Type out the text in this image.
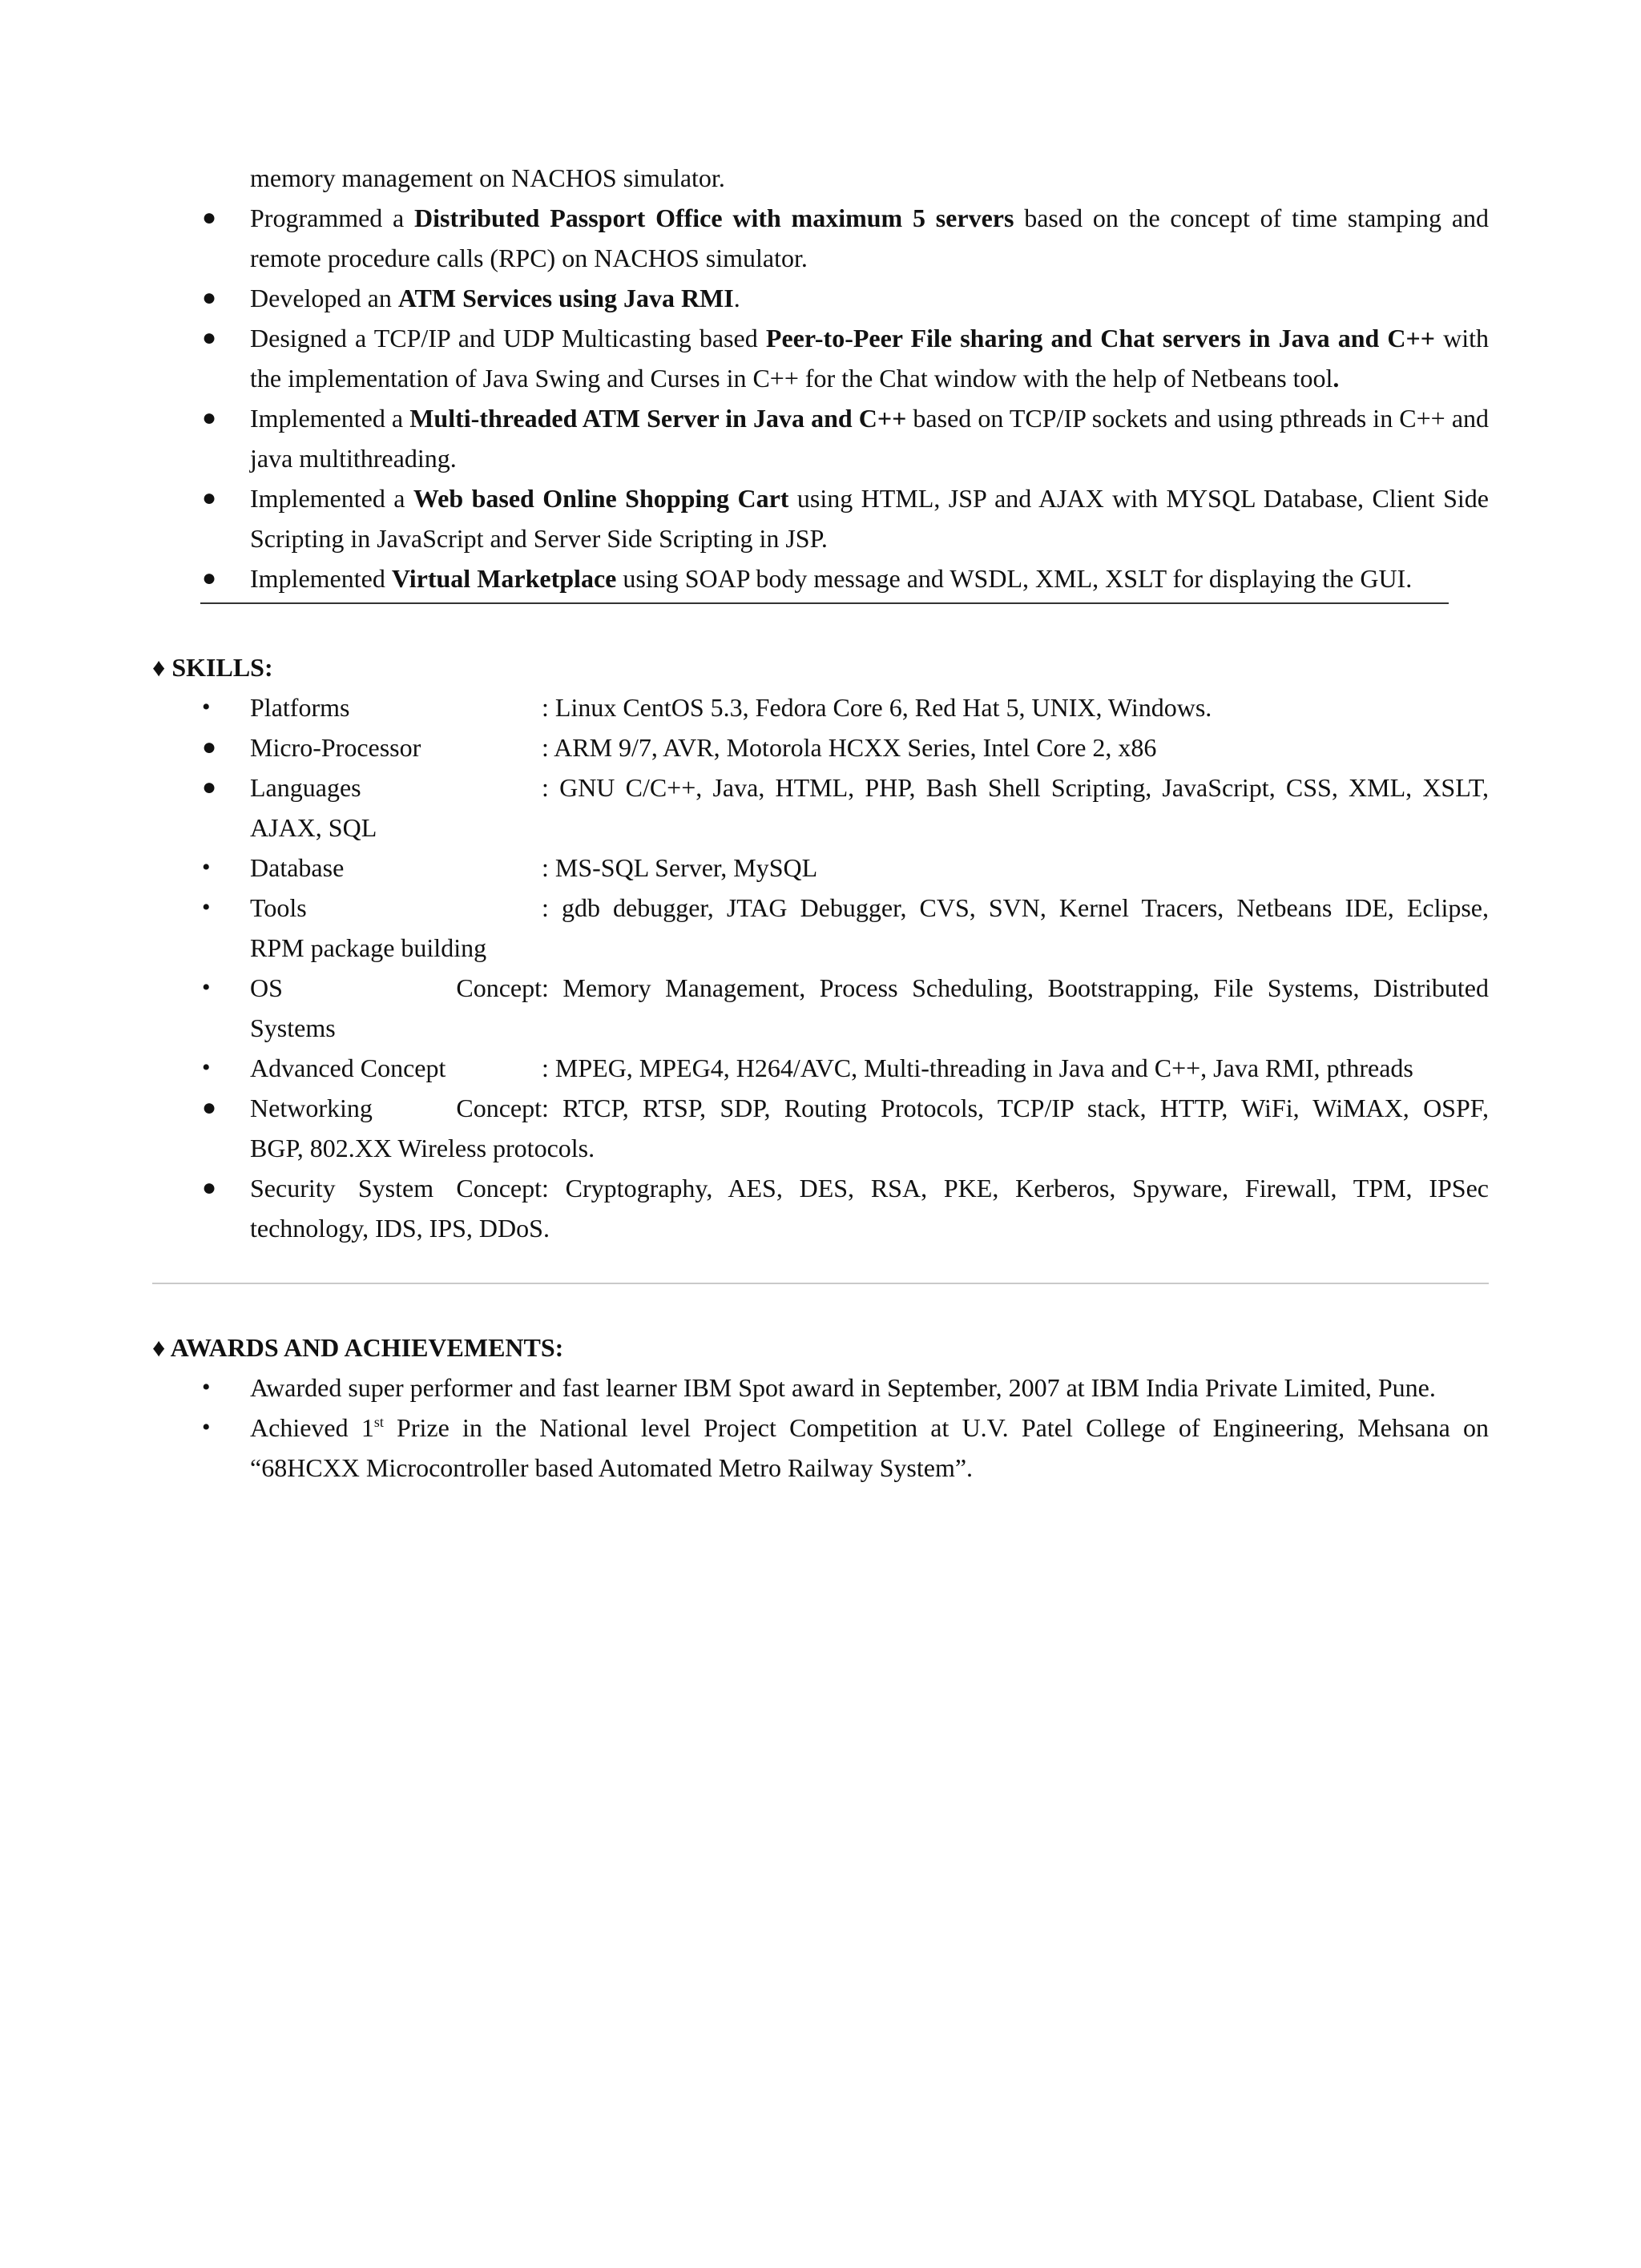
memory management on NACHOS simulator.
●	Programmed a Distributed Passport Office with maximum 5 servers based on the concept of time stamping and remote procedure calls (RPC) on NACHOS simulator.
●	Developed an ATM Services using Java RMI.
●	Designed a TCP/IP and UDP Multicasting based Peer-to-Peer File sharing and Chat servers in Java and C++ with the implementation of Java Swing and Curses in C++ for the Chat window with the help of Netbeans tool.
●	Implemented a Multi-threaded ATM Server in Java and C++ based on TCP/IP sockets and using pthreads in C++ and java multithreading.
●	Implemented a Web based Online Shopping Cart using HTML, JSP and AJAX with MYSQL Database, Client Side Scripting in JavaScript and Server Side Scripting in JSP.
●	Implemented Virtual Marketplace using SOAP body message and WSDL, XML, XSLT for displaying the GUI.
♦ SKILLS:
•	Platforms	: Linux CentOS 5.3, Fedora Core 6, Red Hat 5, UNIX, Windows.
●	Micro-Processor	: ARM 9/7, AVR, Motorola HCXX Series, Intel Core 2, x86
●	Languages	: GNU C/C++, Java, HTML, PHP, Bash Shell Scripting, JavaScript, CSS, XML, XSLT,
AJAX, SQL
•	Database	: MS-SQL Server, MySQL
•	Tools	: gdb debugger, JTAG Debugger, CVS, SVN, Kernel Tracers, Netbeans IDE, Eclipse,
RPM package building
•	OS Concept: Memory Management, Process Scheduling, Bootstrapping, File Systems, Distributed
Systems
•	Advanced Concept	: MPEG, MPEG4, H264/AVC, Multi-threading in Java and C++, Java RMI, pthreads
●	Networking Concept: RTCP, RTSP, SDP, Routing Protocols, TCP/IP stack, HTTP, WiFi, WiMAX, OSPF,
BGP, 802.XX Wireless protocols.
●	Security System Concept: Cryptography, AES, DES, RSA, PKE, Kerberos, Spyware, Firewall, TPM, IPSec
technology, IDS, IPS, DDoS.
♦ AWARDS AND ACHIEVEMENTS:
•	Awarded super performer and fast learner IBM Spot award in September, 2007 at IBM India Private Limited, Pune.
•	Achieved 1st Prize in the National level Project Competition at U.V. Patel College of Engineering, Mehsana on “68HCXX Microcontroller based Automated Metro Railway System”.
